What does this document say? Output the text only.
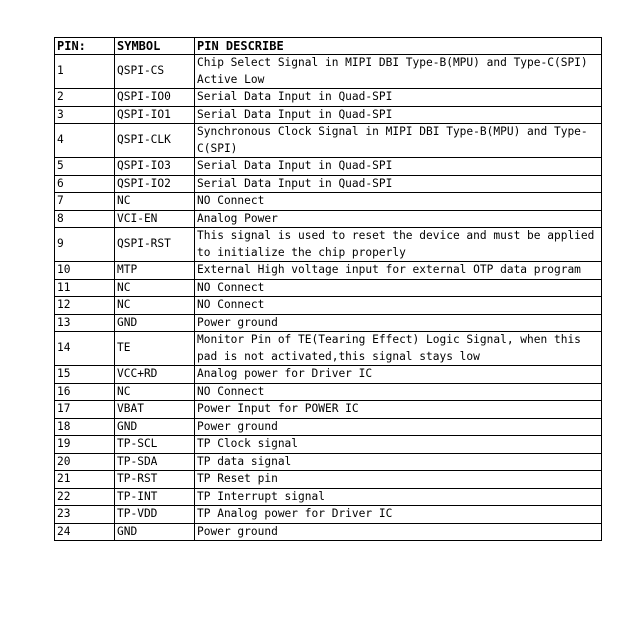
PIN:	SYMBOL	PIN DESCRIBE
1	QSPI-CS	Chip Select Signal in MIPI DBI Type-B(MPU) and Type-C(SPI) Active Low
2	QSPI-IO0	Serial Data Input in Quad-SPI
3	QSPI-IO1	Serial Data Input in Quad-SPI
4	QSPI-CLK	Synchronous Clock Signal in MIPI DBI Type-B(MPU) and Type-C(SPI)
5	QSPI-IO3	Serial Data Input in Quad-SPI
6	QSPI-IO2	Serial Data Input in Quad-SPI
7	NC	NO Connect
8	VCI-EN	Analog Power
9	QSPI-RST	This signal is used to reset the device and must be applied to initialize the chip properly
10	MTP	External High voltage input for external OTP data program
11	NC	NO Connect
12	NC	NO Connect
13	GND	Power ground
14	TE	Monitor Pin of TE(Tearing Effect) Logic Signal, when this pad is not activated,this signal stays low
15	VCC+RD	Analog power for Driver IC
16	NC	NO Connect
17	VBAT	Power Input for POWER IC
18	GND	Power ground
19	TP-SCL	TP Clock signal
20	TP-SDA	TP data signal
21	TP-RST	TP Reset pin
22	TP-INT	TP Interrupt signal
23	TP-VDD	TP Analog power for Driver IC
24	GND	Power ground
